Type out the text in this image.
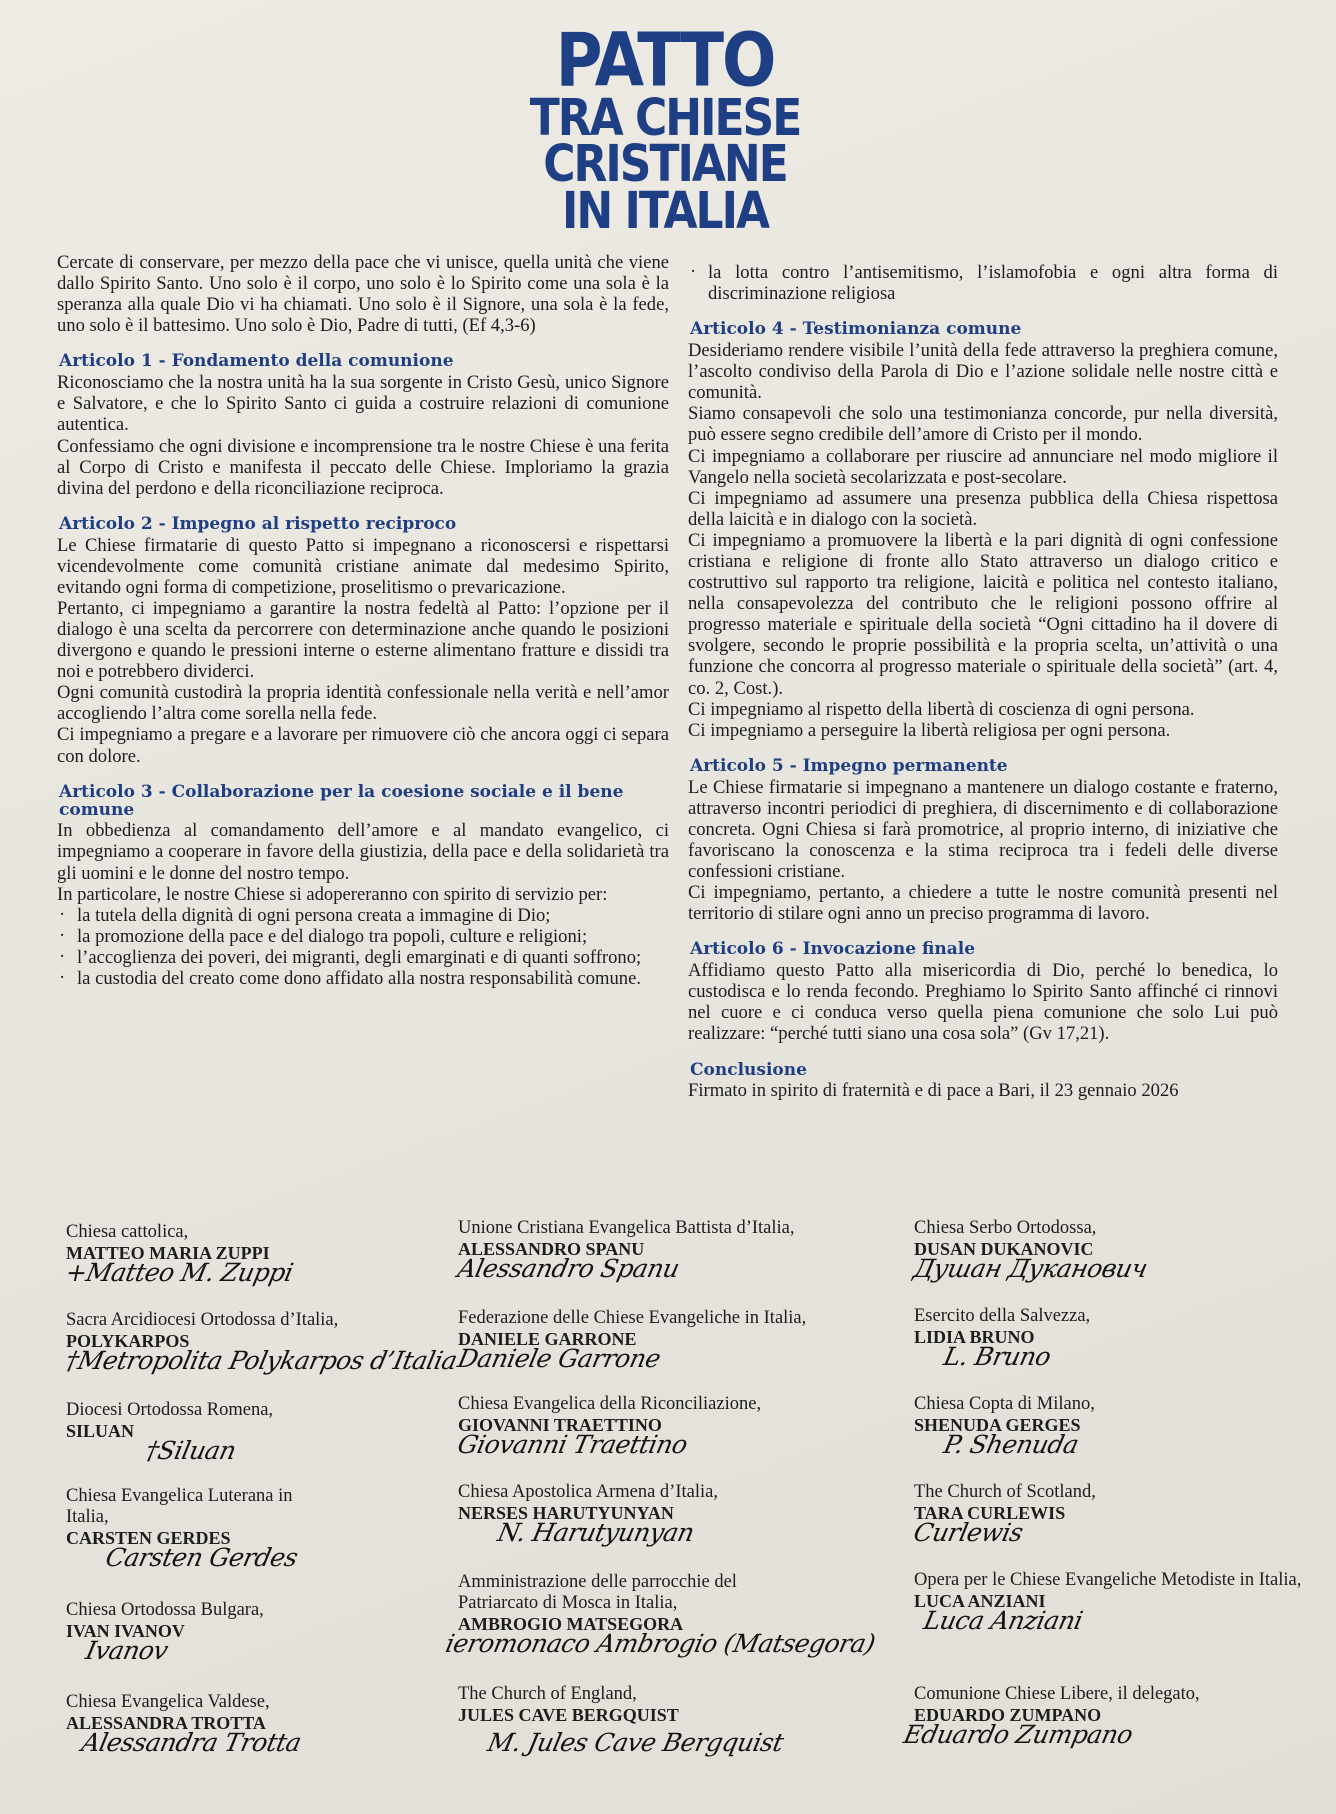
PATTO
TRA CHIESE
CRISTIANE
IN ITALIA

Cercate di conservare, per mezzo della pace che vi unisce, quella unità che viene dallo Spirito Santo. Uno solo è il corpo, uno solo è lo Spirito come una sola è la speranza alla quale Dio vi ha chiamati. Uno solo è il Signore, una sola è la fede, uno solo è il battesimo. Uno solo è Dio, Padre di tutti, (Ef 4,3-6)

Articolo 1 - Fondamento della comunione

Riconosciamo che la nostra unità ha la sua sorgente in Cristo Gesù, unico Signore e Salvatore, e che lo Spirito Santo ci guida a costruire relazioni di comunione autentica.

Confessiamo che ogni divisione e incomprensione tra le nostre Chiese è una ferita al Corpo di Cristo e manifesta il peccato delle Chiese. Imploriamo la grazia divina del perdono e della riconciliazione reciproca.

Articolo 2 - Impegno al rispetto reciproco

Le Chiese firmatarie di questo Patto si impegnano a riconoscersi e rispettarsi vicendevolmente come comunità cristiane animate dal medesimo Spirito, evitando ogni forma di competizione, proselitismo o prevaricazione.

Pertanto, ci impegniamo a garantire la nostra fedeltà al Patto: l’opzione per il dialogo è una scelta da percorrere con determinazione anche quando le posizioni divergono e quando le pressioni interne o esterne alimentano fratture e dissidi tra noi e potrebbero dividerci.

Ogni comunità custodirà la propria identità confessionale nella verità e nell’amor accogliendo l’altra come sorella nella fede.

Ci impegniamo a pregare e a lavorare per rimuovere ciò che ancora oggi ci separa con dolore.

Articolo 3 - Collaborazione per la coesione sociale e il bene comune

In obbedienza al comandamento dell’amore e al mandato evangelico, ci impegniamo a cooperare in favore della giustizia, della pace e della solidarietà tra gli uomini e le donne del nostro tempo.

In particolare, le nostre Chiese si adopereranno con spirito di servizio per:

· la tutela della dignità di ogni persona creata a immagine di Dio;
· la promozione della pace e del dialogo tra popoli, culture e religioni;
· l’accoglienza dei poveri, dei migranti, degli emarginati e di quanti soffrono;
· la custodia del creato come dono affidato alla nostra responsabilità comune.
· la lotta contro l’antisemitismo, l’islamofobia e ogni altra forma di discriminazione religiosa

Articolo 4 - Testimonianza comune

Desideriamo rendere visibile l’unità della fede attraverso la preghiera comune, l’ascolto condiviso della Parola di Dio e l’azione solidale nelle nostre città e comunità.

Siamo consapevoli che solo una testimonianza concorde, pur nella diversità, può essere segno credibile dell’amore di Cristo per il mondo.

Ci impegniamo a collaborare per riuscire ad annunciare nel modo migliore il Vangelo nella società secolarizzata e post-secolare.

Ci impegniamo ad assumere una presenza pubblica della Chiesa rispettosa della laicità e in dialogo con la società.

Ci impegniamo a promuovere la libertà e la pari dignità di ogni confessione cristiana e religione di fronte allo Stato attraverso un dialogo critico e costruttivo sul rapporto tra religione, laicità e politica nel contesto italiano, nella consapevolezza del contributo che le religioni possono offrire al progresso materiale e spirituale della società “Ogni cittadino ha il dovere di svolgere, secondo le proprie possibilità e la propria scelta, un’attività o una funzione che concorra al progresso materiale o spirituale della società” (art. 4, co. 2, Cost.).

Ci impegniamo al rispetto della libertà di coscienza di ogni persona.

Ci impegniamo a perseguire la libertà religiosa per ogni persona.

Articolo 5 - Impegno permanente

Le Chiese firmatarie si impegnano a mantenere un dialogo costante e fraterno, attraverso incontri periodici di preghiera, di discernimento e di collaborazione concreta. Ogni Chiesa si farà promotrice, al proprio interno, di iniziative che favoriscano la conoscenza e la stima reciproca tra i fedeli delle diverse confessioni cristiane.

Ci impegniamo, pertanto, a chiedere a tutte le nostre comunità presenti nel territorio di stilare ogni anno un preciso programma di lavoro.

Articolo 6 - Invocazione finale

Affidiamo questo Patto alla misericordia di Dio, perché lo benedica, lo custodisca e lo renda fecondo. Preghiamo lo Spirito Santo affinché ci rinnovi nel cuore e ci conduca verso quella piena comunione che solo Lui può realizzare: “perché tutti siano una cosa sola” (Gv 17,21).

Conclusione

Firmato in spirito di fraternità e di pace a Bari, il 23 gennaio 2026

Chiesa cattolica,
MATTEO MARIA ZUPPI
+Matteo M. Zuppi
Sacra Arcidiocesi Ortodossa d’Italia,
POLYKARPOS
†Metropolita Polykarpos d’Italia
Diocesi Ortodossa Romena,
SILUAN
†Siluan
Chiesa Evangelica Luterana in Italia,
CARSTEN GERDES
Carsten Gerdes
Chiesa Ortodossa Bulgara,
IVAN IVANOV
Ivanov
Chiesa Evangelica Valdese,
ALESSANDRA TROTTA
Alessandra Trotta
Unione Cristiana Evangelica Battista d’Italia,
ALESSANDRO SPANU
Alessandro Spanu
Federazione delle Chiese Evangeliche in Italia,
DANIELE GARRONE
Daniele Garrone
Chiesa Evangelica della Riconciliazione,
GIOVANNI TRAETTINO
Giovanni Traettino
Chiesa Apostolica Armena d’Italia,
NERSES HARUTYUNYAN
N. Harutyunyan
Amministrazione delle parrocchie del Patriarcato di Mosca in Italia,
AMBROGIO MATSEGORA
ieromonaco Ambrogio (Matsegora)
The Church of England,
JULES CAVE BERGQUIST
M. Jules Cave Bergquist
Chiesa Serbo Ortodossa,
DUSAN DUKANOVIC
Душан Дуканович
Esercito della Salvezza,
LIDIA BRUNO
L. Bruno
Chiesa Copta di Milano,
SHENUDA GERGES
P. Shenuda
The Church of Scotland,
TARA CURLEWIS
Curlewis
Opera per le Chiese Evangeliche Metodiste in Italia,
LUCA ANZIANI
Luca Anziani
Comunione Chiese Libere, il delegato,
EDUARDO ZUMPANO
Eduardo Zumpano
